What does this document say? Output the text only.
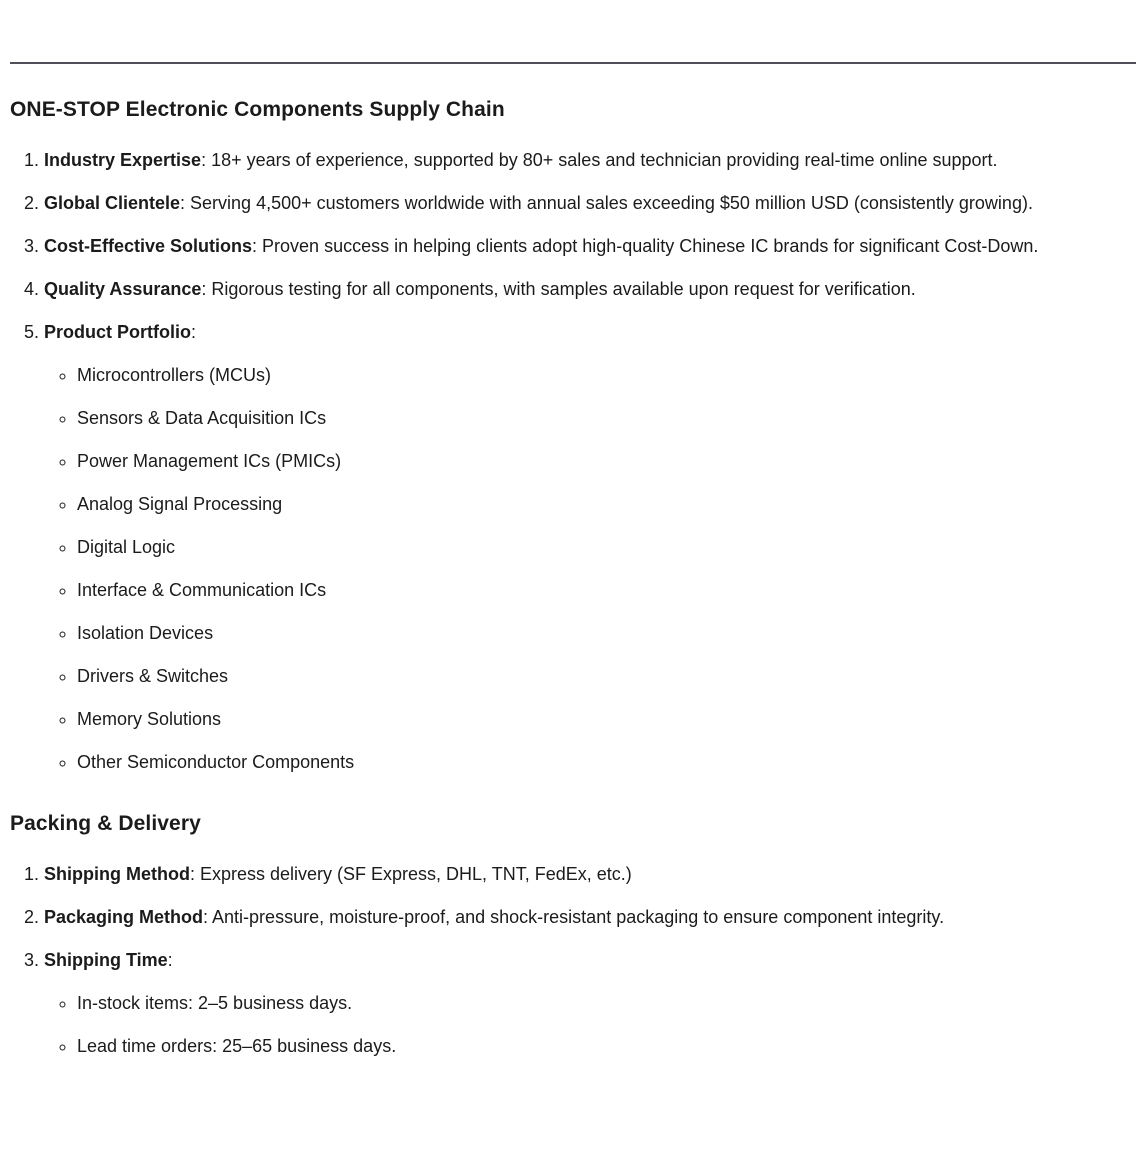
ONE-STOP Electronic Components Supply Chain
1. Industry Expertise: 18+ years of experience, supported by 80+ sales and technician providing real-time online support.
2. Global Clientele: Serving 4,500+ customers worldwide with annual sales exceeding $50 million USD (consistently growing).
3. Cost-Effective Solutions: Proven success in helping clients adopt high-quality Chinese IC brands for significant Cost-Down.
4. Quality Assurance: Rigorous testing for all components, with samples available upon request for verification.
5. Product Portfolio:
◦ Microcontrollers (MCUs)
◦ Sensors & Data Acquisition ICs
◦ Power Management ICs (PMICs)
◦ Analog Signal Processing
◦ Digital Logic
◦ Interface & Communication ICs
◦ Isolation Devices
◦ Drivers & Switches
◦ Memory Solutions
◦ Other Semiconductor Components
Packing & Delivery
1. Shipping Method: Express delivery (SF Express, DHL, TNT, FedEx, etc.)
2. Packaging Method: Anti-pressure, moisture-proof, and shock-resistant packaging to ensure component integrity.
3. Shipping Time:
◦ In-stock items: 2–5 business days.
◦ Lead time orders: 25–65 business days.
